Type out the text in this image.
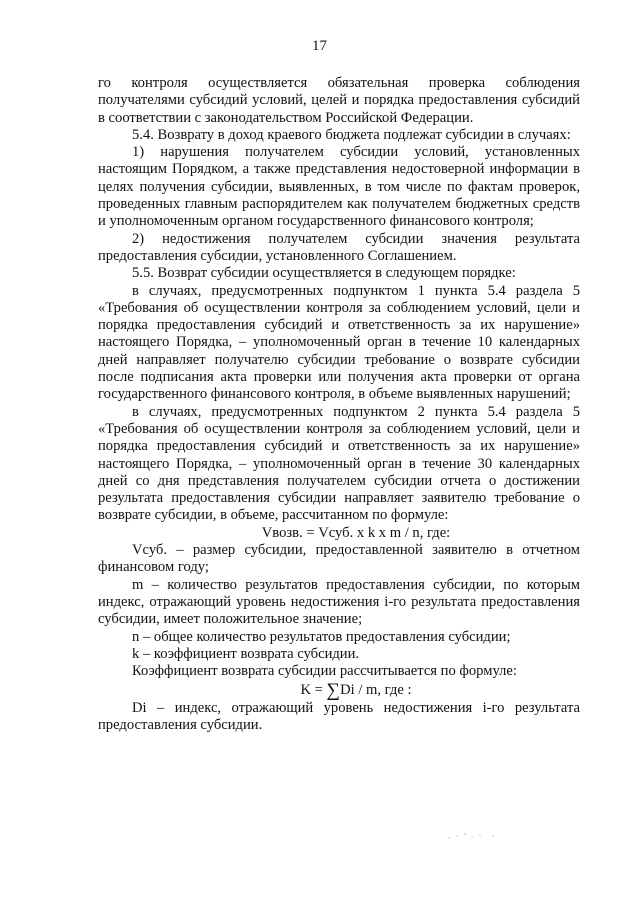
17

го контроля осуществляется обязательная проверка соблюдения получателями субсидий условий, целей и порядка предоставления субсидий в соответствии с законодательством Российской Федерации.

5.4. Возврату в доход краевого бюджета подлежат субсидии в случаях:

1) нарушения получателем субсидии условий, установленных настоящим Порядком, а также представления недостоверной информации в целях получения субсидии, выявленных, в том числе по фактам проверок, проведенных главным распорядителем как получателем бюджетных средств и уполномоченным органом государственного финансового контроля;

2) недостижения получателем субсидии значения результата предоставления субсидии, установленного Соглашением.

5.5. Возврат субсидии осуществляется в следующем порядке:

в случаях, предусмотренных подпунктом 1 пункта 5.4 раздела 5 «Требования об осуществлении контроля за соблюдением условий, цели и порядка предоставления субсидий и ответственность за их нарушение» настоящего Порядка, – уполномоченный орган в течение 10 календарных дней направляет получателю субсидии требование о возврате субсидии после подписания акта проверки или получения акта проверки от органа государственного финансового контроля, в объеме выявленных нарушений;

в случаях, предусмотренных подпунктом 2 пункта 5.4 раздела 5 «Требования об осуществлении контроля за соблюдением условий, цели и порядка предоставления субсидий и ответственность за их нарушение» настоящего Порядка, – уполномоченный орган в течение 30 календарных дней со дня представления получателем субсидии отчета о достижении результата предоставления субсидии направляет заявителю требование о возврате субсидии, в объеме, рассчитанном по формуле:

Vвозв. = Vсуб. x k x m / n, где:

Vсуб. – размер субсидии, предоставленной заявителю в отчетном финансовом году;

m – количество результатов предоставления субсидии, по которым индекс, отражающий уровень недостижения i-го результата предоставления субсидии, имеет положительное значение;

n – общее количество результатов предоставления субсидии;

k – коэффициент возврата субсидии.

Коэффициент возврата субсидии рассчитывается по формуле:

K = ∑Di / m, где :

Di – индекс, отражающий уровень недостижения i-го результата предоставления субсидии.
